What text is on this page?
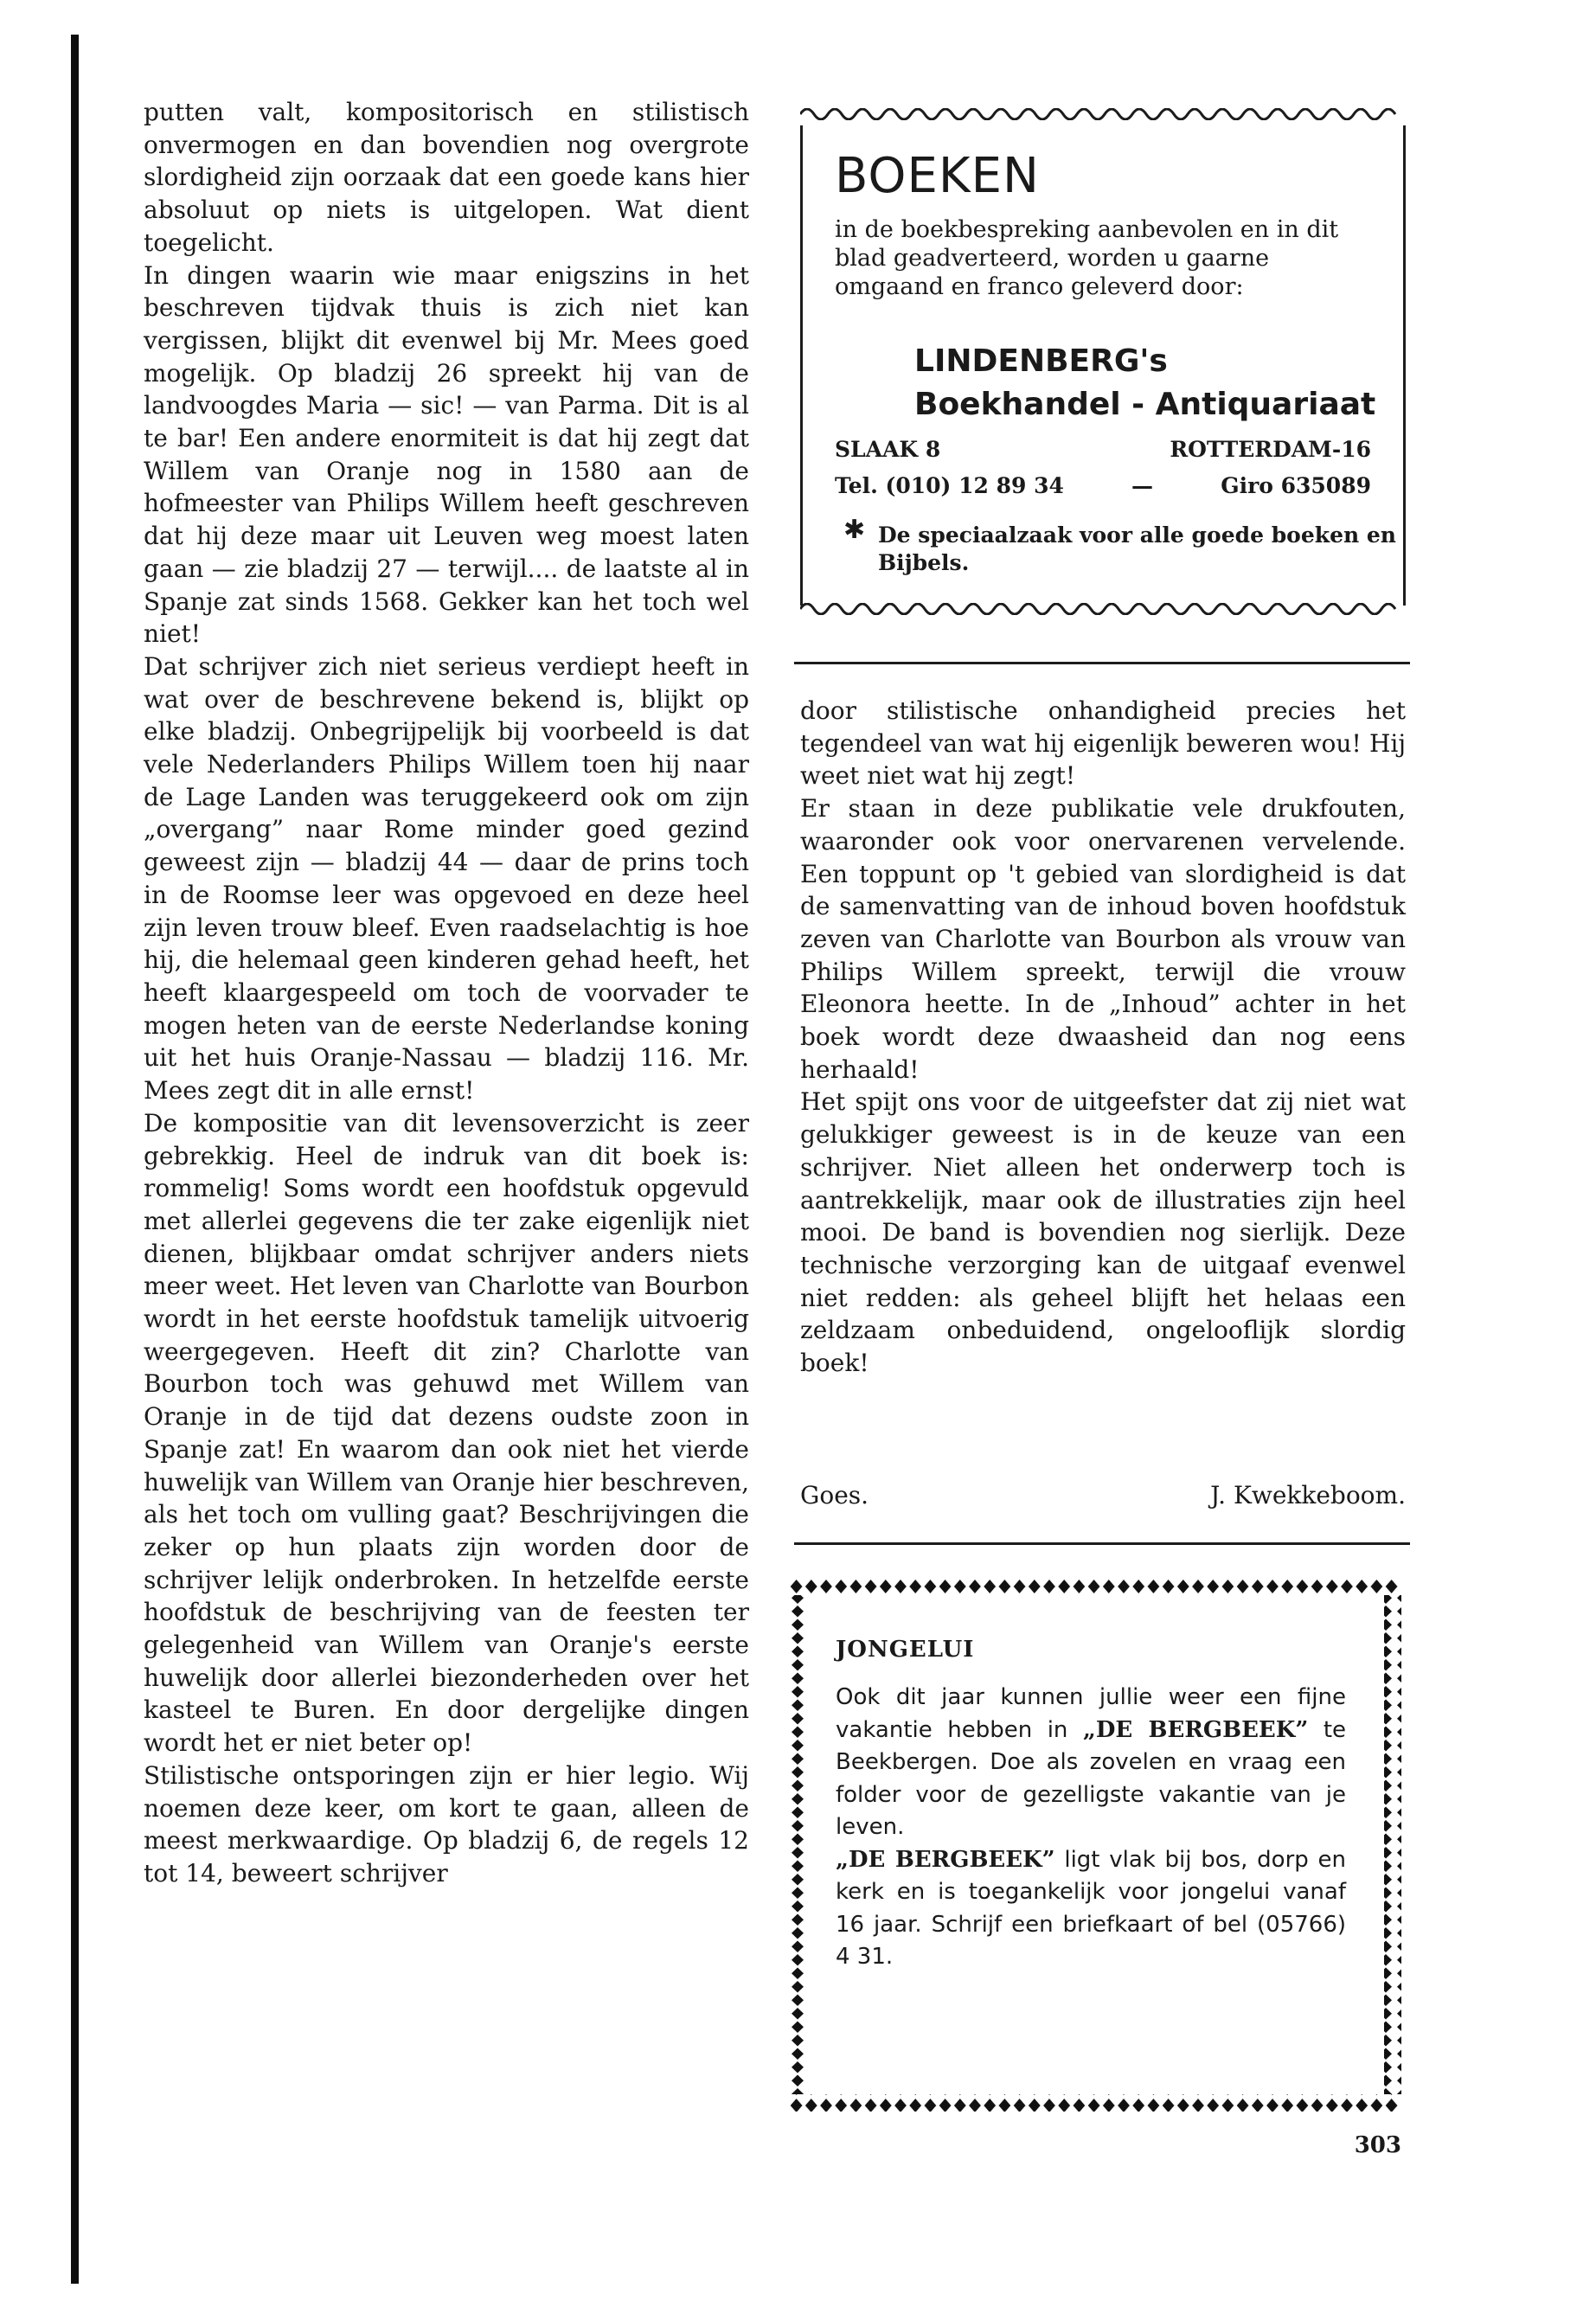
putten valt, kompositorisch en stilistisch onvermogen en dan bovendien nog overgrote slordigheid zijn oorzaak dat een goede kans hier absoluut op niets is uitgelopen. Wat dient toegelicht.

In dingen waarin wie maar enigszins in het beschreven tijdvak thuis is zich niet kan vergissen, blijkt dit evenwel bij Mr. Mees goed mogelijk. Op bladzij 26 spreekt hij van de landvoogdes Maria — sic! — van Parma. Dit is al te bar! Een andere enormiteit is dat hij zegt dat Willem van Oranje nog in 1580 aan de hofmeester van Philips Willem heeft geschreven dat hij deze maar uit Leuven weg moest laten gaan — zie bladzij 27 — terwijl.... de laatste al in Spanje zat sinds 1568. Gekker kan het toch wel niet!

Dat schrijver zich niet serieus verdiept heeft in wat over de beschrevene bekend is, blijkt op elke bladzij. Onbegrijpelijk bij voorbeeld is dat vele Nederlanders Philips Willem toen hij naar de Lage Landen was teruggekeerd ook om zijn „overgang” naar Rome minder goed gezind geweest zijn — bladzij 44 — daar de prins toch in de Roomse leer was opgevoed en deze heel zijn leven trouw bleef. Even raadselachtig is hoe hij, die helemaal geen kinderen gehad heeft, het heeft klaargespeeld om toch de voorvader te mogen heten van de eerste Nederlandse koning uit het huis Oranje-Nassau — bladzij 116. Mr. Mees zegt dit in alle ernst!

De kompositie van dit levensoverzicht is zeer gebrekkig. Heel de indruk van dit boek is: rommelig! Soms wordt een hoofdstuk opgevuld met allerlei gegevens die ter zake eigenlijk niet dienen, blijkbaar omdat schrijver anders niets meer weet. Het leven van Charlotte van Bourbon wordt in het eerste hoofdstuk tamelijk uitvoerig weergegeven. Heeft dit zin? Charlotte van Bourbon toch was gehuwd met Willem van Oranje in de tijd dat dezens oudste zoon in Spanje zat! En waarom dan ook niet het vierde huwelijk van Willem van Oranje hier beschreven, als het toch om vulling gaat? Beschrijvingen die zeker op hun plaats zijn worden door de schrijver lelijk onderbroken. In hetzelfde eerste hoofdstuk de beschrijving van de feesten ter gelegenheid van Willem van Oranje's eerste huwelijk door allerlei biezonderheden over het kasteel te Buren. En door dergelijke dingen wordt het er niet beter op!

Stilistische ontsporingen zijn er hier legio. Wij noemen deze keer, om kort te gaan, alleen de meest merkwaardige. Op bladzij 6, de regels 12 tot 14, beweert schrijver

BOEKEN
in de boekbespreking aanbevolen en in dit blad geadverteerd, worden u gaarne omgaand en franco geleverd door:
LINDENBERG's
Boekhandel - Antiquariaat
SLAAK 8	ROTTERDAM-16
Tel. (010) 12 89 34	—	Giro 635089
✱ De speciaalzaak voor alle goede boeken en Bijbels.

door stilistische onhandigheid precies het tegendeel van wat hij eigenlijk beweren wou! Hij weet niet wat hij zegt!

Er staan in deze publikatie vele drukfouten, waaronder ook voor onervarenen vervelende. Een toppunt op 't gebied van slordigheid is dat de samenvatting van de inhoud boven hoofdstuk zeven van Charlotte van Bourbon als vrouw van Philips Willem spreekt, terwijl die vrouw Eleonora heette. In de „Inhoud” achter in het boek wordt deze dwaasheid dan nog eens herhaald!

Het spijt ons voor de uitgeefster dat zij niet wat gelukkiger geweest is in de keuze van een schrijver. Niet alleen het onderwerp toch is aantrekkelijk, maar ook de illustraties zijn heel mooi. De band is bovendien nog sierlijk. Deze technische verzorging kan de uitgaaf evenwel niet redden: als geheel blijft het helaas een zeldzaam onbeduidend, ongelooflijk slordig boek!

Goes.	J. Kwekkeboom.
JONGELUI
Ook dit jaar kunnen jullie weer een fijne vakantie hebben in „DE BERGBEEK” te Beekbergen. Doe als zovelen en vraag een folder voor de gezelligste vakantie van je leven.
„DE BERGBEEK” ligt vlak bij bos, dorp en kerk en is toegankelijk voor jongelui vanaf 16 jaar. Schrijf een briefkaart of bel (05766) 4 31.
303
